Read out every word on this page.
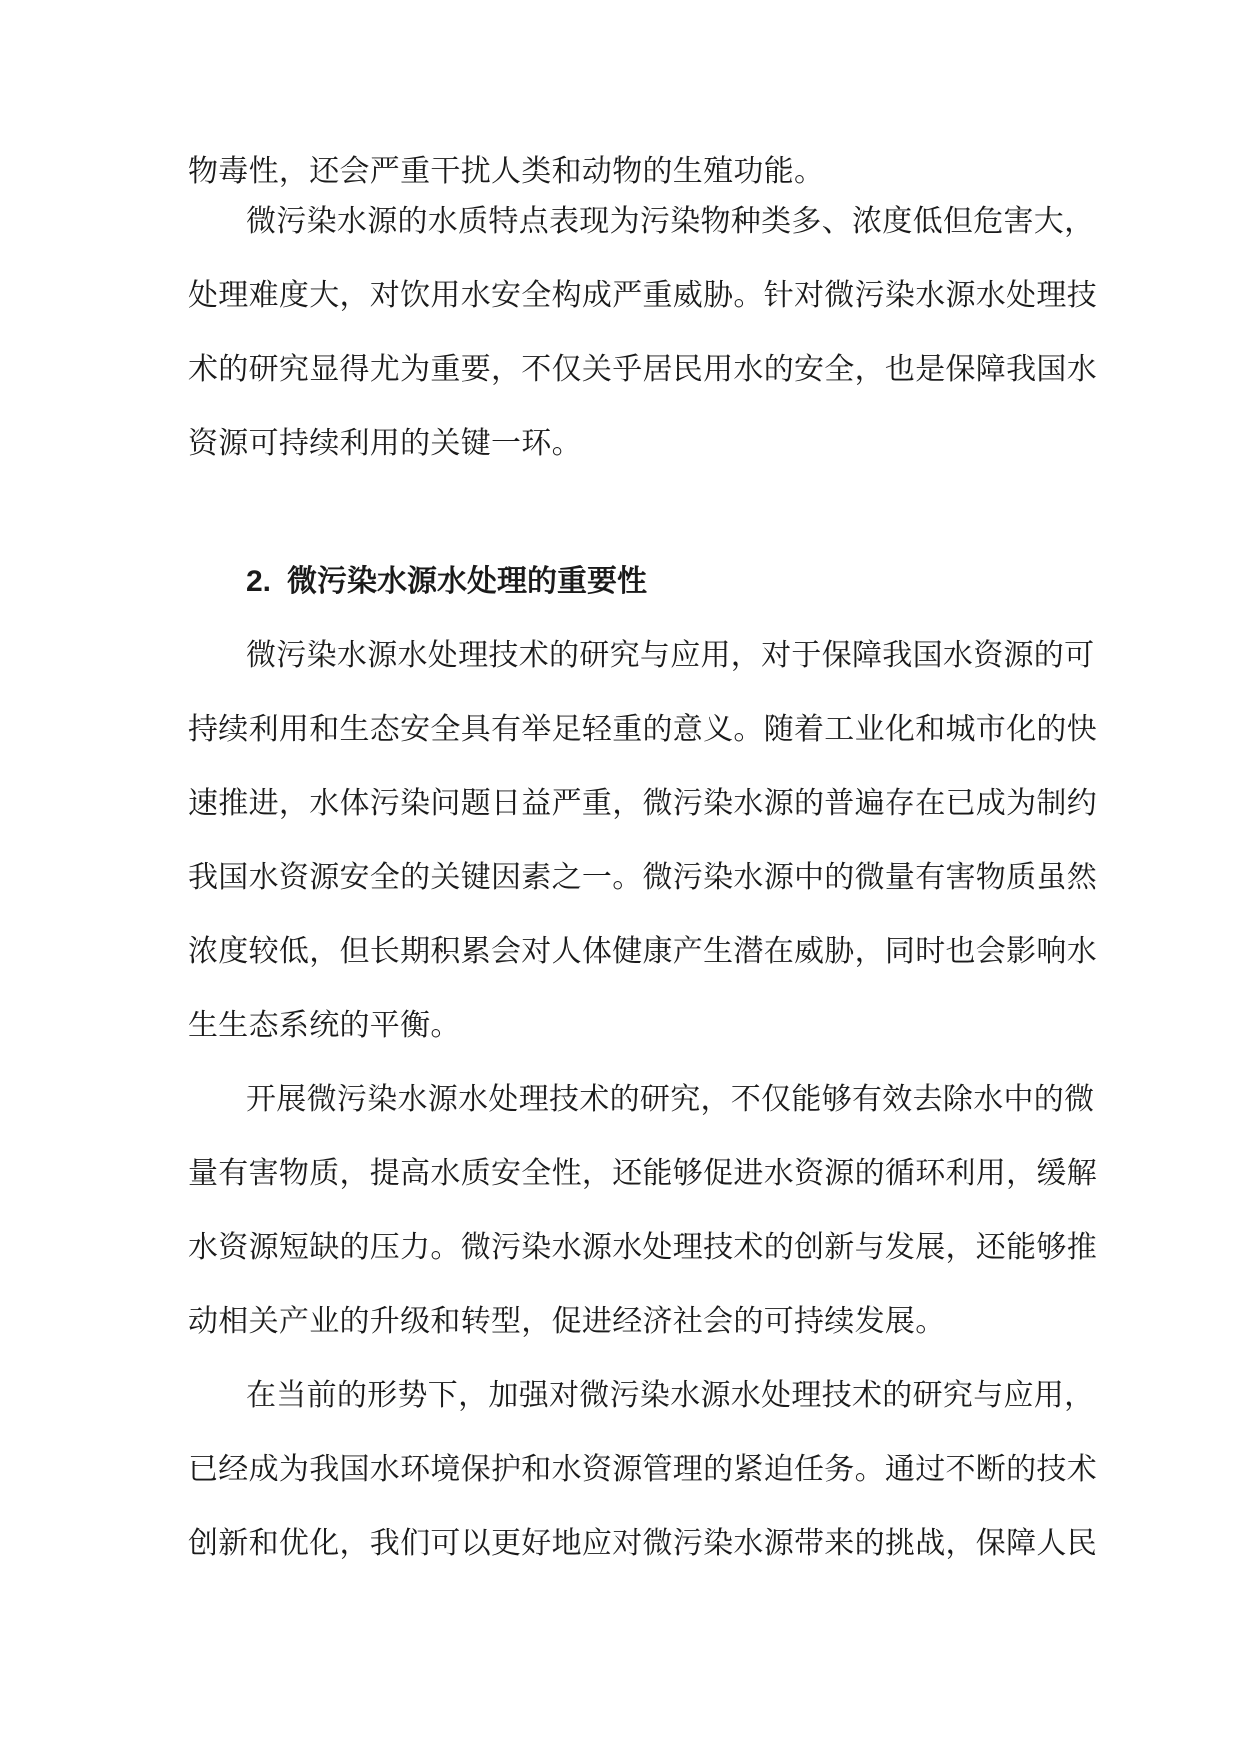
物毒性，还会严重干扰人类和动物的生殖功能。
微污染水源的水质特点表现为污染物种类多、浓度低但危害大，
处理难度大，对饮用水安全构成严重威胁。针对微污染水源水处理技
术的研究显得尤为重要，不仅关乎居民用水的安全，也是保障我国水
资源可持续利用的关键一环。
2. 微污染水源水处理的重要性
微污染水源水处理技术的研究与应用，对于保障我国水资源的可
持续利用和生态安全具有举足轻重的意义。随着工业化和城市化的快
速推进，水体污染问题日益严重，微污染水源的普遍存在已成为制约
我国水资源安全的关键因素之一。微污染水源中的微量有害物质虽然
浓度较低，但长期积累会对人体健康产生潜在威胁，同时也会影响水
生生态系统的平衡。
开展微污染水源水处理技术的研究，不仅能够有效去除水中的微
量有害物质，提高水质安全性，还能够促进水资源的循环利用，缓解
水资源短缺的压力。微污染水源水处理技术的创新与发展，还能够推
动相关产业的升级和转型，促进经济社会的可持续发展。
在当前的形势下，加强对微污染水源水处理技术的研究与应用，
已经成为我国水环境保护和水资源管理的紧迫任务。通过不断的技术
创新和优化，我们可以更好地应对微污染水源带来的挑战，保障人民
